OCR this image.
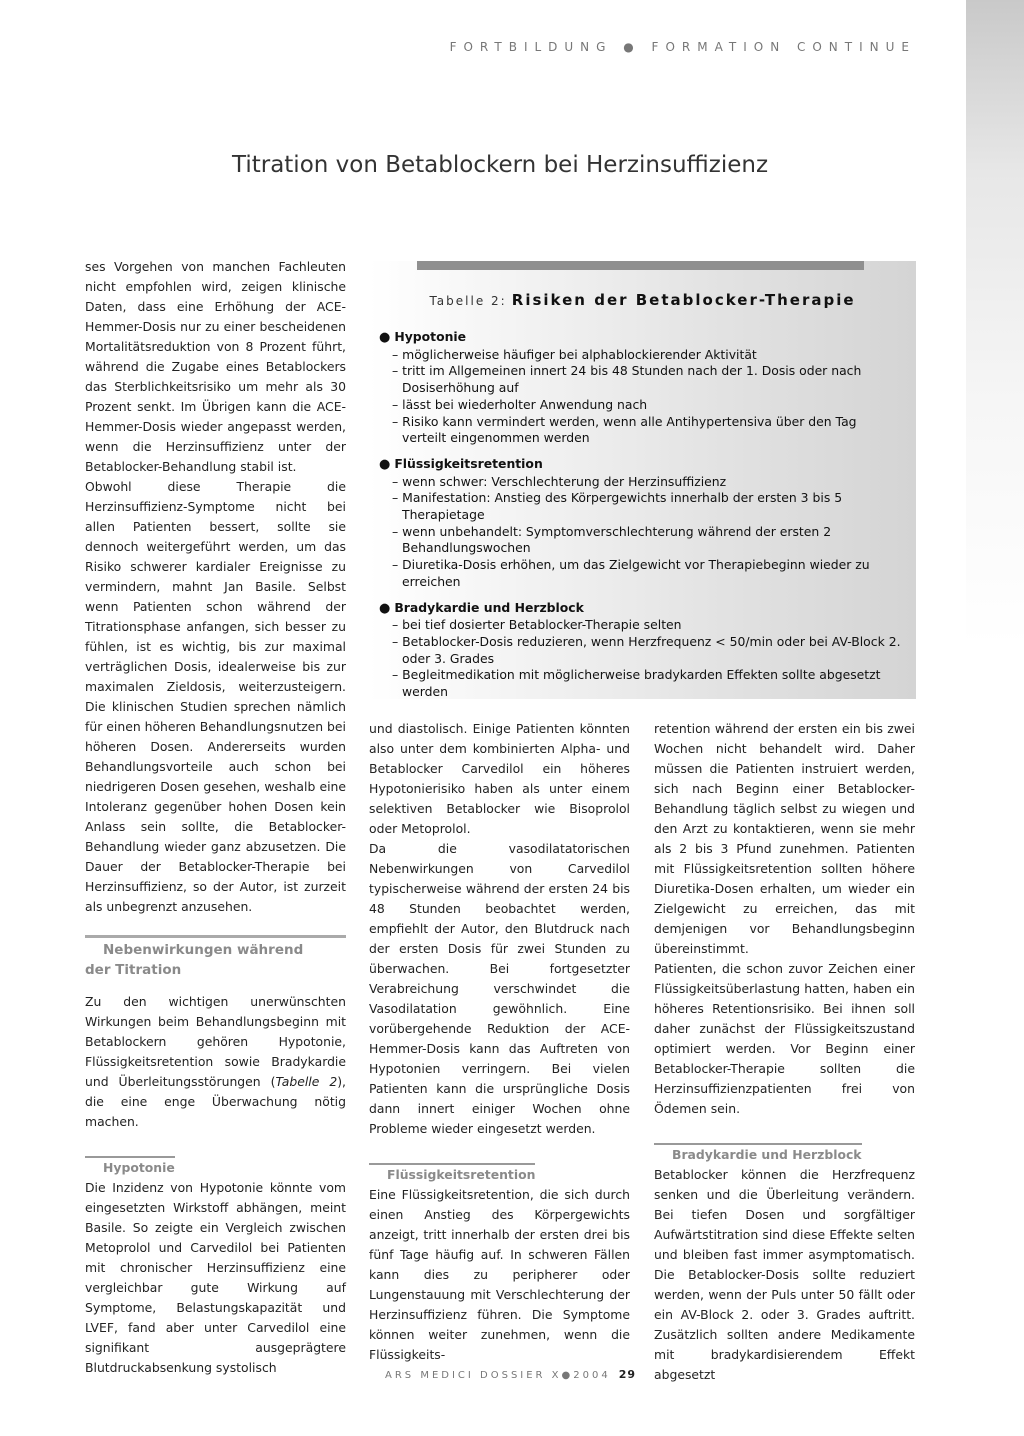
FORTBILDUNG ● FORMATION CONTINUE
Titration von Betablockern bei Herzinsuffizienz

ses Vorgehen von manchen Fachleuten nicht empfohlen wird, zeigen klinische Daten, dass eine Erhöhung der ACE-Hemmer-Dosis nur zu einer bescheidenen Mortalitätsreduktion von 8 Prozent führt, während die Zugabe eines Betablockers das Sterblichkeitsrisiko um mehr als 30 Prozent senkt. Im Übrigen kann die ACE-Hemmer-Dosis wieder angepasst werden, wenn die Herzinsuffizienz unter der Betablocker-Behandlung stabil ist.

Obwohl diese Therapie die Herzinsuffizienz-Symptome nicht bei allen Patienten bessert, sollte sie dennoch weitergeführt werden, um das Risiko schwerer kardialer Ereignisse zu vermindern, mahnt Jan Basile. Selbst wenn Patienten schon während der Titrationsphase anfangen, sich besser zu fühlen, ist es wichtig, bis zur maximal verträglichen Dosis, idealerweise bis zur maximalen Zieldosis, weiterzusteigern. Die klinischen Studien sprechen nämlich für einen höheren Behandlungsnutzen bei höheren Dosen. Andererseits wurden Behandlungsvorteile auch schon bei niedrigeren Dosen gesehen, weshalb eine Intoleranz gegenüber hohen Dosen kein Anlass sein sollte, die Betablocker-Behandlung wieder ganz abzusetzen. Die Dauer der Betablocker-Therapie bei Herzinsuffizienz, so der Autor, ist zurzeit als unbegrenzt anzusehen.

Nebenwirkungen während
der Titration

Zu den wichtigen unerwünschten Wirkungen beim Behandlungsbeginn mit Betablockern gehören Hypotonie, Flüssigkeitsretention sowie Bradykardie und Überleitungsstörungen (Tabelle 2), die eine enge Überwachung nötig machen.

Hypotonie

Die Inzidenz von Hypotonie könnte vom eingesetzten Wirkstoff abhängen, meint Basile. So zeigte ein Vergleich zwischen Metoprolol und Carvedilol bei Patienten mit chronischer Herzinsuffizienz eine vergleichbar gute Wirkung auf Symptome, Belastungskapazität und LVEF, fand aber unter Carvedilol eine signifikant ausgeprägtere Blutdruckabsenkung systolisch

Tabelle 2: Risiken der Betablocker-Therapie
● Hypotonie
– möglicherweise häufiger bei alphablockierender Aktivität
– tritt im Allgemeinen innert 24 bis 48 Stunden nach der 1. Dosis oder nach Dosiserhöhung auf
– lässt bei wiederholter Anwendung nach
– Risiko kann vermindert werden, wenn alle Antihypertensiva über den Tag verteilt eingenommen werden
● Flüssigkeitsretention
– wenn schwer: Verschlechterung der Herzinsuffizienz
– Manifestation: Anstieg des Körpergewichts innerhalb der ersten 3 bis 5 Therapietage
– wenn unbehandelt: Symptomverschlechterung während der ersten 2 Behandlungswochen
– Diuretika-Dosis erhöhen, um das Zielgewicht vor Therapiebeginn wieder zu erreichen
● Bradykardie und Herzblock
– bei tief dosierter Betablocker-Therapie selten
– Betablocker-Dosis reduzieren, wenn Herzfrequenz < 50/min oder bei AV-Block 2. oder 3. Grades
– Begleitmedikation mit möglicherweise bradykarden Effekten sollte abgesetzt werden

und diastolisch. Einige Patienten könnten also unter dem kombinierten Alpha- und Betablocker Carvedilol ein höheres Hypotonierisiko haben als unter einem selektiven Betablocker wie Bisoprolol oder Metoprolol.

Da die vasodilatatorischen Nebenwirkungen von Carvedilol typischerweise während der ersten 24 bis 48 Stunden beobachtet werden, empfiehlt der Autor, den Blutdruck nach der ersten Dosis für zwei Stunden zu überwachen. Bei fortgesetzter Verabreichung verschwindet die Vasodilatation gewöhnlich. Eine vorübergehende Reduktion der ACE-Hemmer-Dosis kann das Auftreten von Hypotonien verringern. Bei vielen Patienten kann die ursprüngliche Dosis dann innert einiger Wochen ohne Probleme wieder eingesetzt werden.

Flüssigkeitsretention

Eine Flüssigkeitsretention, die sich durch einen Anstieg des Körpergewichts anzeigt, tritt innerhalb der ersten drei bis fünf Tage häufig auf. In schweren Fällen kann dies zu peripherer oder Lungenstauung mit Verschlechterung der Herzinsuffizienz führen. Die Symptome können weiter zunehmen, wenn die Flüssigkeits-

retention während der ersten ein bis zwei Wochen nicht behandelt wird. Daher müssen die Patienten instruiert werden, sich nach Beginn einer Betablocker-Behandlung täglich selbst zu wiegen und den Arzt zu kontaktieren, wenn sie mehr als 2 bis 3 Pfund zunehmen. Patienten mit Flüssigkeitsretention sollten höhere Diuretika-Dosen erhalten, um wieder ein Zielgewicht zu erreichen, das mit demjenigen vor Behandlungsbeginn übereinstimmt.

Patienten, die schon zuvor Zeichen einer Flüssigkeitsüberlastung hatten, haben ein höheres Retentionsrisiko. Bei ihnen soll daher zunächst der Flüssigkeitszustand optimiert werden. Vor Beginn einer Betablocker-Therapie sollten die Herzinsuffizienzpatienten frei von Ödemen sein.

Bradykardie und Herzblock

Betablocker können die Herzfrequenz senken und die Überleitung verändern. Bei tiefen Dosen und sorgfältiger Aufwärtstitration sind diese Effekte selten und bleiben fast immer asymptomatisch. Die Betablocker-Dosis sollte reduziert werden, wenn der Puls unter 50 fällt oder ein AV-Block 2. oder 3. Grades auftritt. Zusätzlich sollten andere Medikamente mit bradykardisierendem Effekt abgesetzt

ARS MEDICI DOSSIER X●2004 29
